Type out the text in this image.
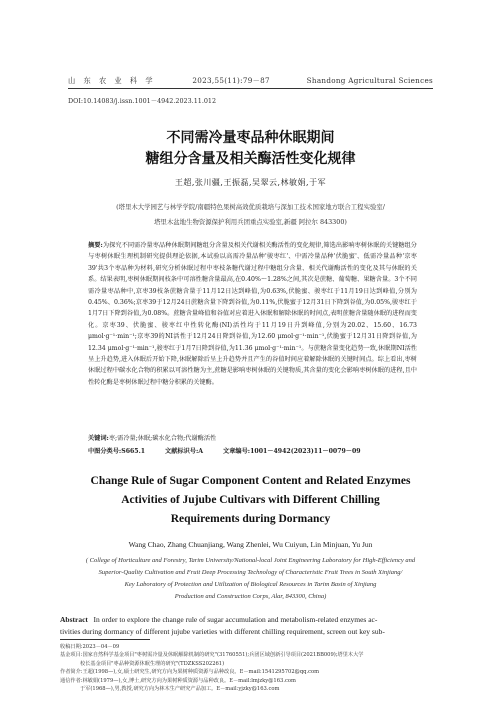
山 东 农 业 科 学	2023,55(11):79－87	Shandong Agricultural Sciences
DOI:10.14083/j.issn.1001－4942.2023.11.012
不同需冷量枣品种休眠期间
糖组分含量及相关酶活性变化规律
王超,张川疆,王振磊,吴翠云,林敏娟,于军
(塔里木大学园艺与林学学院/南疆特色果树高效优质栽培与深加工技术国家地方联合工程实验室/
塔里木盆地生物资源保护利用兵团重点实验室,新疆 阿拉尔 843300)
摘要:为探究不同需冷量枣品种休眠期间糖组分含量及相关代谢相关酶活性的变化规律,筛选出影响枣树休眠的关键糖组分与枣树休眠生理机制研究提供理论依据,本试验以高需冷量品种'骏枣红'、中需冷量品种'伏脆蜜'、低需冷量品种'京枣39'共3个枣品种为材料,研究分析休眠过程中枣枝条糖代谢过程中糖组分含量、相关代谢酶活性的变化及其与休眠的关系。结果表明,枣树休眠期间枝条中可溶性糖含量最高,在0.40%～1.28%之间,其次是蔗糖、葡萄糖、果糖含量。3个不同需冷量枣品种中,京枣39枝条蔗糖含量于11月12日达到峰值,为0.63%,伏脆蜜、骏枣红于11月19日达到峰值,分别为0.45%、0.36%;京枣39于12月24日蔗糖含量下降到谷值,为0.11%,伏脆蜜于12月31日下降到谷值,为0.05%,骏枣红于1月7日下降到谷值,为0.08%。蔗糖含量峰值和谷值对应着进入休眠和解除休眠的时间点,表明蔗糖含量随休眠的进程而变化。京枣39、伏脆蜜、骏枣红中性转化酶(NI)活性均于11月19日升到峰值,分别为20.02、15.60、16.73 μmol·g⁻¹·min⁻¹;京枣39的NI活性于12月24日降到谷值,为12.60 μmol·g⁻¹·min⁻¹,伏脆蜜于12月31日降到谷值,为12.34 μmol·g⁻¹·min⁻¹,骏枣红于1月7日降到谷值,为11.36 μmol·g⁻¹·min⁻¹。与蔗糖含量变化趋势一致,休眠期NI活性呈上升趋势,进入休眠后开始下降,休眠解除后呈上升趋势并且产生的谷值时间应着解除休眠的关键时间点。综上看出,枣树休眠过程中碳水化合物的积累以可溶性糖为主,蔗糖是影响枣树休眠的关键物质,其含量的变化会影响枣树休眠的进程,且中性转化酶是枣树休眠过程中糖分积累的关键酶。
关键词:枣;需冷量;休眠;碳水化合物;代谢酶活性
中图分类号:S665.1	文献标识号:A	文章编号:1001－4942(2023)11－0079－09
Change Rule of Sugar Component Content and Related Enzymes
Activities of Jujube Cultivars with Different Chilling
Requirements during Dormancy
Wang Chao, Zhang Chuanjiang, Wang Zhenlei, Wu Cuiyun, Lin Minjuan, Yu Jun
( College of Horticulture and Forestry, Tarim University/National-local Joint Engineering Laboratory for High-Efficiency and
Superior-Quality Cultivation and Fruit Deep Processing Technology of Characteristic Fruit Trees in South Xinjiang/
Key Laboratory of Protection and Utilization of Biological Resources in Tarim Basin of Xinjiang
Production and Construction Corps, Alar, 843300, China)
Abstract In order to explore the change rule of sugar accumulation and metabolism-related enzymes ac-
tivities during dormancy of different jujube varieties with different chilling requirement, screen out key sub-
收稿日期:2023－04－09
基金项目:国家自然科学基金项目"枣树需冷量及休眠解除机制的研究"(31760551);兵团区域创新引导项目(2021BB009);塔里木大学
校长基金项目"枣品种资源休眠生理的研究"(TDZKSS202261)
作者简介:王超(1998—),女,硕士研究生,研究方向为果树种质资源与品种改良。E－mail:1541295702@qq.com
通信作者:林敏娟(1979—),女,博士,研究方向为果树种质资源与品种改良。E－mail:lmjzky@163.com
于军(1968—),男,教授,研究方向为林木生产研究产品加工。E－mail:yjzky@163.com
